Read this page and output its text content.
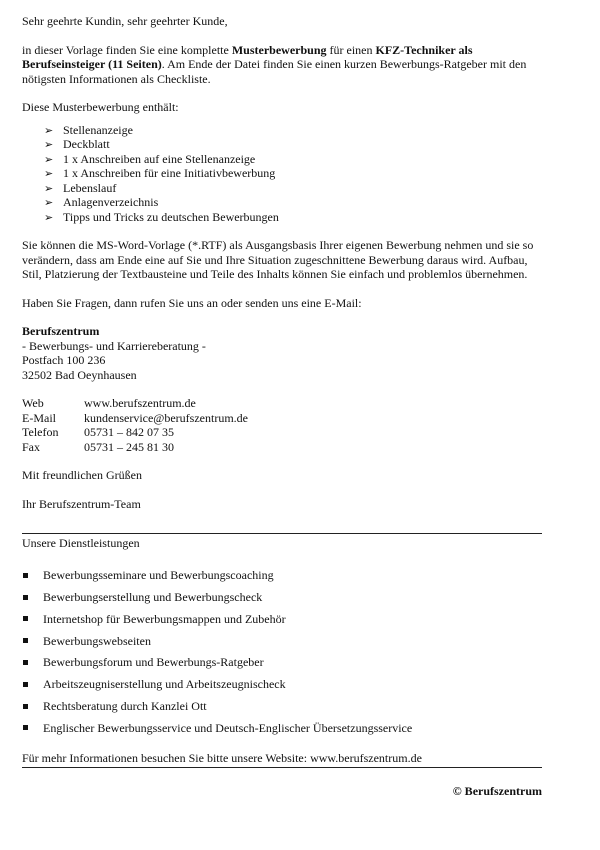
Sehr geehrte Kundin, sehr geehrter Kunde,

in dieser Vorlage finden Sie eine komplette Musterbewerbung für einen KFZ-Techniker als Berufseinsteiger (11 Seiten). Am Ende der Datei finden Sie einen kurzen Bewerbungs-Ratgeber mit den nötigsten Informationen als Checkliste.

Diese Musterbewerbung enthält:

➢ Stellenanzeige
➢ Deckblatt
➢ 1 x Anschreiben auf eine Stellenanzeige
➢ 1 x Anschreiben für eine Initiativbewerbung
➢ Lebenslauf
➢ Anlagenverzeichnis
➢ Tipps und Tricks zu deutschen Bewerbungen

Sie können die MS-Word-Vorlage (*.RTF) als Ausgangsbasis Ihrer eigenen Bewerbung nehmen und sie so verändern, dass am Ende eine auf Sie und Ihre Situation zugeschnittene Bewerbung daraus wird. Aufbau, Stil, Platzierung der Textbausteine und Teile des Inhalts können Sie einfach und problemlos übernehmen.

Haben Sie Fragen, dann rufen Sie uns an oder senden uns eine E-Mail:

Berufszentrum

- Bewerbungs- und Karriereberatung -

Postfach 100 236

32502 Bad Oeynhausen

Web	www.berufszentrum.de
E-Mail	kundenservice@berufszentrum.de
Telefon	05731 – 842 07 35
Fax	05731 – 245 81 30

Mit freundlichen Grüßen

Ihr Berufszentrum-Team

Unsere Dienstleistungen

Bewerbungsseminare und Bewerbungscoaching
Bewerbungserstellung und Bewerbungscheck
Internetshop für Bewerbungsmappen und Zubehör
Bewerbungswebseiten
Bewerbungsforum und Bewerbungs-Ratgeber
Arbeitszeugniserstellung und Arbeitszeugnischeck
Rechtsberatung durch Kanzlei Ott
Englischer Bewerbungsservice und Deutsch-Englischer Übersetzungsservice

Für mehr Informationen besuchen Sie bitte unsere Website: www.berufszentrum.de

© Berufszentrum
